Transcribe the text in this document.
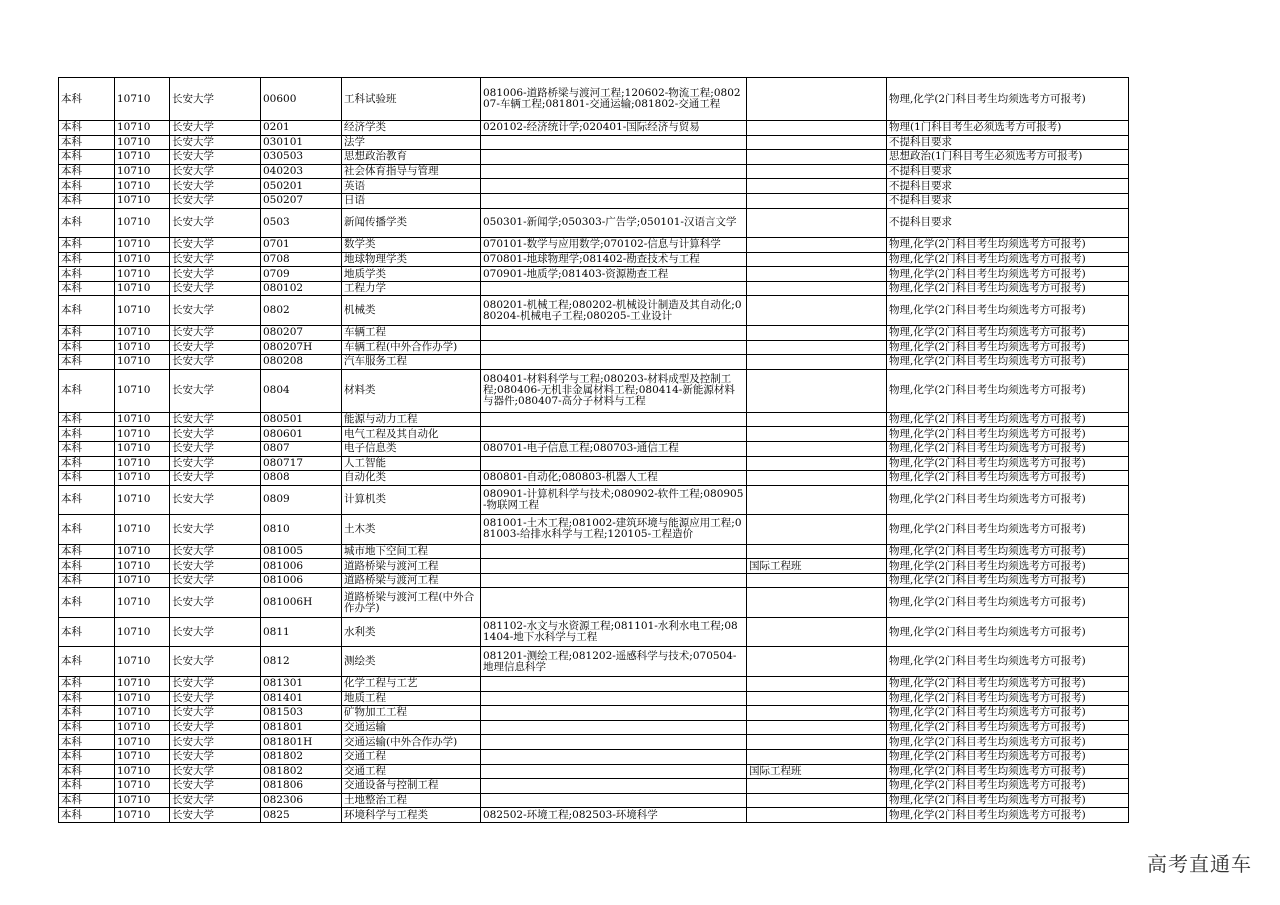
本科	10710	长安大学	00600	工科试验班	081006-道路桥梁与渡河工程;120602-物流工程;080207-车辆工程;081801-交通运输;081802-交通工程		物理,化学(2门科目考生均须选考方可报考)
本科	10710	长安大学	0201	经济学类	020102-经济统计学;020401-国际经济与贸易		物理(1门科目考生必须选考方可报考)
本科	10710	长安大学	030101	法学			不提科目要求
本科	10710	长安大学	030503	思想政治教育			思想政治(1门科目考生必须选考方可报考)
本科	10710	长安大学	040203	社会体育指导与管理			不提科目要求
本科	10710	长安大学	050201	英语			不提科目要求
本科	10710	长安大学	050207	日语			不提科目要求
本科	10710	长安大学	0503	新闻传播学类	050301-新闻学;050303-广告学;050101-汉语言文学		不提科目要求
本科	10710	长安大学	0701	数学类	070101-数学与应用数学;070102-信息与计算科学		物理,化学(2门科目考生均须选考方可报考)
本科	10710	长安大学	0708	地球物理学类	070801-地球物理学;081402-勘查技术与工程		物理,化学(2门科目考生均须选考方可报考)
本科	10710	长安大学	0709	地质学类	070901-地质学;081403-资源勘查工程		物理,化学(2门科目考生均须选考方可报考)
本科	10710	长安大学	080102	工程力学			物理,化学(2门科目考生均须选考方可报考)
本科	10710	长安大学	0802	机械类	080201-机械工程;080202-机械设计制造及其自动化;080204-机械电子工程;080205-工业设计		物理,化学(2门科目考生均须选考方可报考)
本科	10710	长安大学	080207	车辆工程			物理,化学(2门科目考生均须选考方可报考)
本科	10710	长安大学	080207H	车辆工程(中外合作办学)			物理,化学(2门科目考生均须选考方可报考)
本科	10710	长安大学	080208	汽车服务工程			物理,化学(2门科目考生均须选考方可报考)
本科	10710	长安大学	0804	材料类	080401-材料科学与工程;080203-材料成型及控制工程;080406-无机非金属材料工程;080414-新能源材料与器件;080407-高分子材料与工程		物理,化学(2门科目考生均须选考方可报考)
本科	10710	长安大学	080501	能源与动力工程			物理,化学(2门科目考生均须选考方可报考)
本科	10710	长安大学	080601	电气工程及其自动化			物理,化学(2门科目考生均须选考方可报考)
本科	10710	长安大学	0807	电子信息类	080701-电子信息工程;080703-通信工程		物理,化学(2门科目考生均须选考方可报考)
本科	10710	长安大学	080717	人工智能			物理,化学(2门科目考生均须选考方可报考)
本科	10710	长安大学	0808	自动化类	080801-自动化;080803-机器人工程		物理,化学(2门科目考生均须选考方可报考)
本科	10710	长安大学	0809	计算机类	080901-计算机科学与技术;080902-软件工程;080905-物联网工程		物理,化学(2门科目考生均须选考方可报考)
本科	10710	长安大学	0810	土木类	081001-土木工程;081002-建筑环境与能源应用工程;081003-给排水科学与工程;120105-工程造价		物理,化学(2门科目考生均须选考方可报考)
本科	10710	长安大学	081005	城市地下空间工程			物理,化学(2门科目考生均须选考方可报考)
本科	10710	长安大学	081006	道路桥梁与渡河工程		国际工程班	物理,化学(2门科目考生均须选考方可报考)
本科	10710	长安大学	081006	道路桥梁与渡河工程			物理,化学(2门科目考生均须选考方可报考)
本科	10710	长安大学	081006H	道路桥梁与渡河工程(中外合作办学)			物理,化学(2门科目考生均须选考方可报考)
本科	10710	长安大学	0811	水利类	081102-水文与水资源工程;081101-水利水电工程;081404-地下水科学与工程		物理,化学(2门科目考生均须选考方可报考)
本科	10710	长安大学	0812	测绘类	081201-测绘工程;081202-遥感科学与技术;070504-地理信息科学		物理,化学(2门科目考生均须选考方可报考)
本科	10710	长安大学	081301	化学工程与工艺			物理,化学(2门科目考生均须选考方可报考)
本科	10710	长安大学	081401	地质工程			物理,化学(2门科目考生均须选考方可报考)
本科	10710	长安大学	081503	矿物加工工程			物理,化学(2门科目考生均须选考方可报考)
本科	10710	长安大学	081801	交通运输			物理,化学(2门科目考生均须选考方可报考)
本科	10710	长安大学	081801H	交通运输(中外合作办学)			物理,化学(2门科目考生均须选考方可报考)
本科	10710	长安大学	081802	交通工程			物理,化学(2门科目考生均须选考方可报考)
本科	10710	长安大学	081802	交通工程		国际工程班	物理,化学(2门科目考生均须选考方可报考)
本科	10710	长安大学	081806	交通设备与控制工程			物理,化学(2门科目考生均须选考方可报考)
本科	10710	长安大学	082306	土地整治工程			物理,化学(2门科目考生均须选考方可报考)
本科	10710	长安大学	0825	环境科学与工程类	082502-环境工程;082503-环境科学		物理,化学(2门科目考生均须选考方可报考)
高考直通车
